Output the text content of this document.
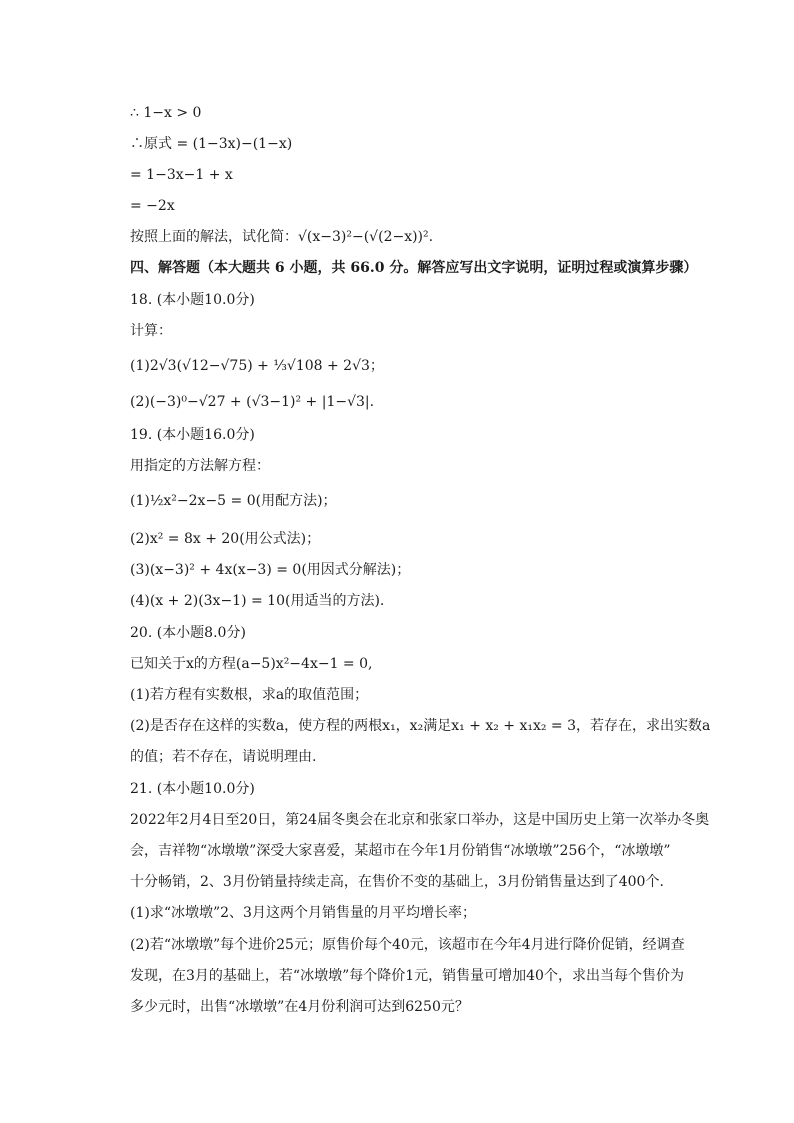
∴ 1−x > 0
∴原式 = (1−3x)−(1−x)
= 1−3x−1 + x
= −2x
按照上面的解法，试化简：√(x−3)²−(√(2−x))².
四、解答题（本大题共 6 小题，共 66.0 分。解答应写出文字说明，证明过程或演算步骤）
18. (本小题10.0分)
计算：
(1)2√3(√12−√75) + ⅓√108 + 2√3；
(2)(−3)⁰−√27 + (√3−1)² + |1−√3|.
19. (本小题16.0分)
用指定的方法解方程：
(1)½x²−2x−5 = 0(用配方法)；
(2)x² = 8x + 20(用公式法)；
(3)(x−3)² + 4x(x−3) = 0(用因式分解法)；
(4)(x + 2)(3x−1) = 10(用适当的方法).
20. (本小题8.0分)
已知关于x的方程(a−5)x²−4x−1 = 0,
(1)若方程有实数根，求a的取值范围；
(2)是否存在这样的实数a，使方程的两根x₁，x₂满足x₁ + x₂ + x₁x₂ = 3，若存在，求出实数a
的值；若不存在，请说明理由.
21. (本小题10.0分)
2022年2月4日至20日，第24届冬奥会在北京和张家口举办，这是中国历史上第一次举办冬奥
会，吉祥物“冰墩墩”深受大家喜爱，某超市在今年1月份销售“冰墩墩”256个，“冰墩墩”
十分畅销，2、3月份销量持续走高，在售价不变的基础上，3月份销售量达到了400个.
(1)求“冰墩墩”2、3月这两个月销售量的月平均增长率；
(2)若“冰墩墩”每个进价25元；原售价每个40元，该超市在今年4月进行降价促销，经调查
发现，在3月的基础上，若“冰墩墩”每个降价1元，销售量可增加40个，求出当每个售价为
多少元时，出售“冰墩墩”在4月份利润可达到6250元？
